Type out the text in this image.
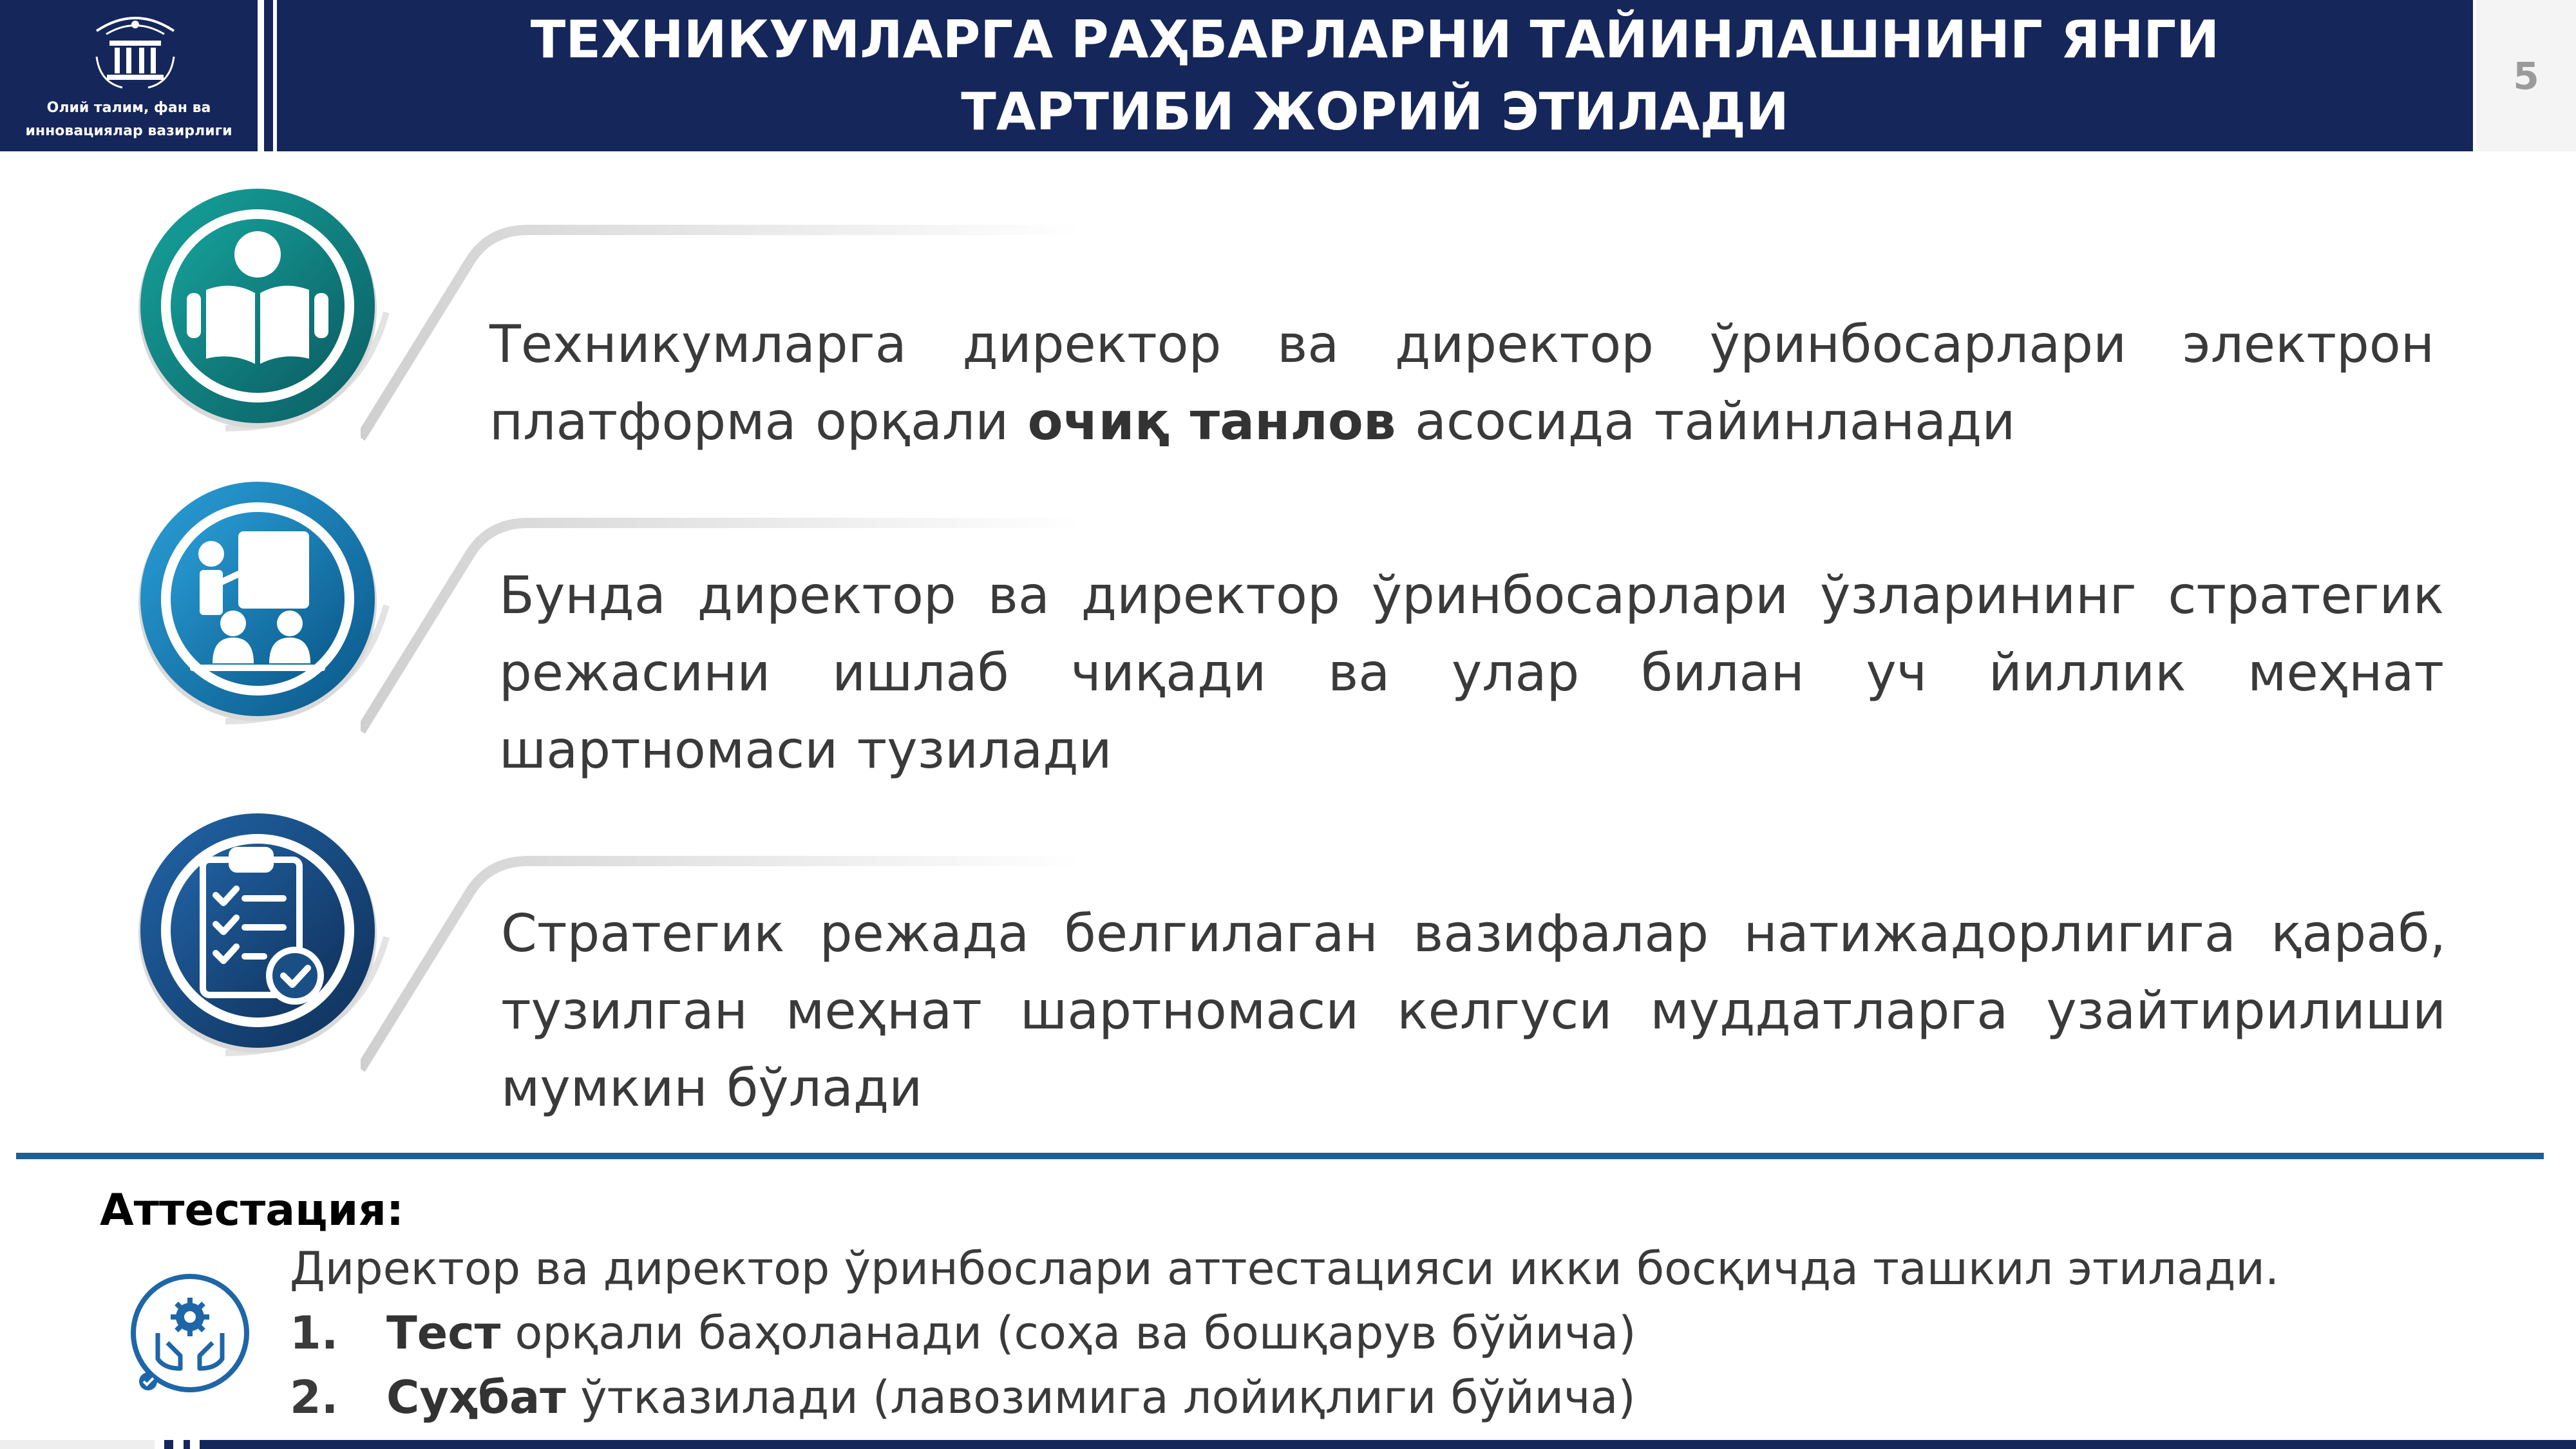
Олий талим, фан ва
инновациялар вазирлиги
ТЕХНИКУМЛАРГА РАҲБАРЛАРНИ ТАЙИНЛАШНИНГ ЯНГИ
ТАРТИБИ ЖОРИЙ ЭТИЛАДИ
5
Техникумларга директор ва директор ўринбосарлари электрон платформа орқали очиқ танлов асосида тайинланади
Бунда директор ва директор ўринбосарлари ўзларининг стратегик режасини ишлаб чиқади ва улар билан уч йиллик меҳнат шартномаси тузилади
Стратегик режада белгилаган вазифалар натижадорлигига қараб, тузилган меҳнат шартномаси келгуси муддатларга узайтирилиши мумкин бўлади
Аттестация:
Директор ва директор ўринбослари аттестацияси икки босқичда ташкил этилади.
1.	Тест орқали баҳоланади (соҳа ва бошқарув бўйича)
2.	Суҳбат ўтказилади (лавозимига лойиқлиги бўйича)
